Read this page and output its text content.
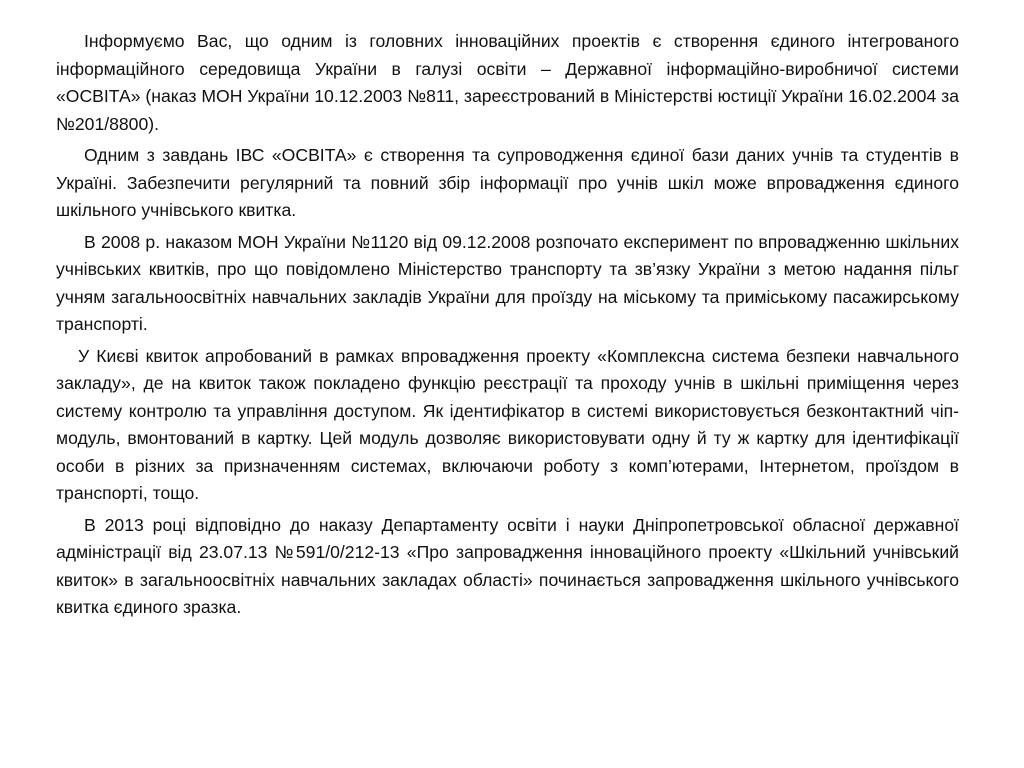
Інформуємо Вас, що одним із головних інноваційних проектів є створення єдиного інтегрованого інформаційного середовища України в галузі освіти – Державної інформаційно-виробничої системи «ОСВІТА» (наказ МОН України 10.12.2003 №811, зареєстрований в Міністерстві юстиції України 16.02.2004 за №201/8800).

Одним з завдань ІВС «ОСВІТА» є створення та супроводження єдиної бази даних учнів та студентів в Україні. Забезпечити регулярний та повний збір інформації про учнів шкіл може впровадження єдиного шкільного учнівського квитка.

В 2008 р. наказом МОН України №1120 від 09.12.2008 розпочато експеримент по впровадженню шкільних учнівських квитків, про що повідомлено Міністерство транспорту та зв’язку України з метою надання пільг учням загальноосвітніх навчальних закладів України для проїзду на міському та приміському пасажирському транспорті.

У Києві квиток апробований в рамках впровадження проекту «Комплексна система безпеки навчального закладу», де на квиток також покладено функцію реєстрації та проходу учнів в шкільні приміщення через систему контролю та управління доступом. Як ідентифікатор в системі використовується безконтактний чіп-модуль, вмонтований в картку. Цей модуль дозволяє використовувати одну й ту ж картку для ідентифікації особи в різних за призначенням системах, включаючи роботу з комп’ютерами, Інтернетом, проїздом в транспорті, тощо.

В 2013 році відповідно до наказу Департаменту освіти і науки Дніпропетровської обласної державної адміністрації від 23.07.13 №591/0/212-13 «Про запровадження інноваційного проекту «Шкільний учнівський квиток» в загальноосвітніх навчальних закладах області» починається запровадження шкільного учнівського квитка єдиного зразка.
